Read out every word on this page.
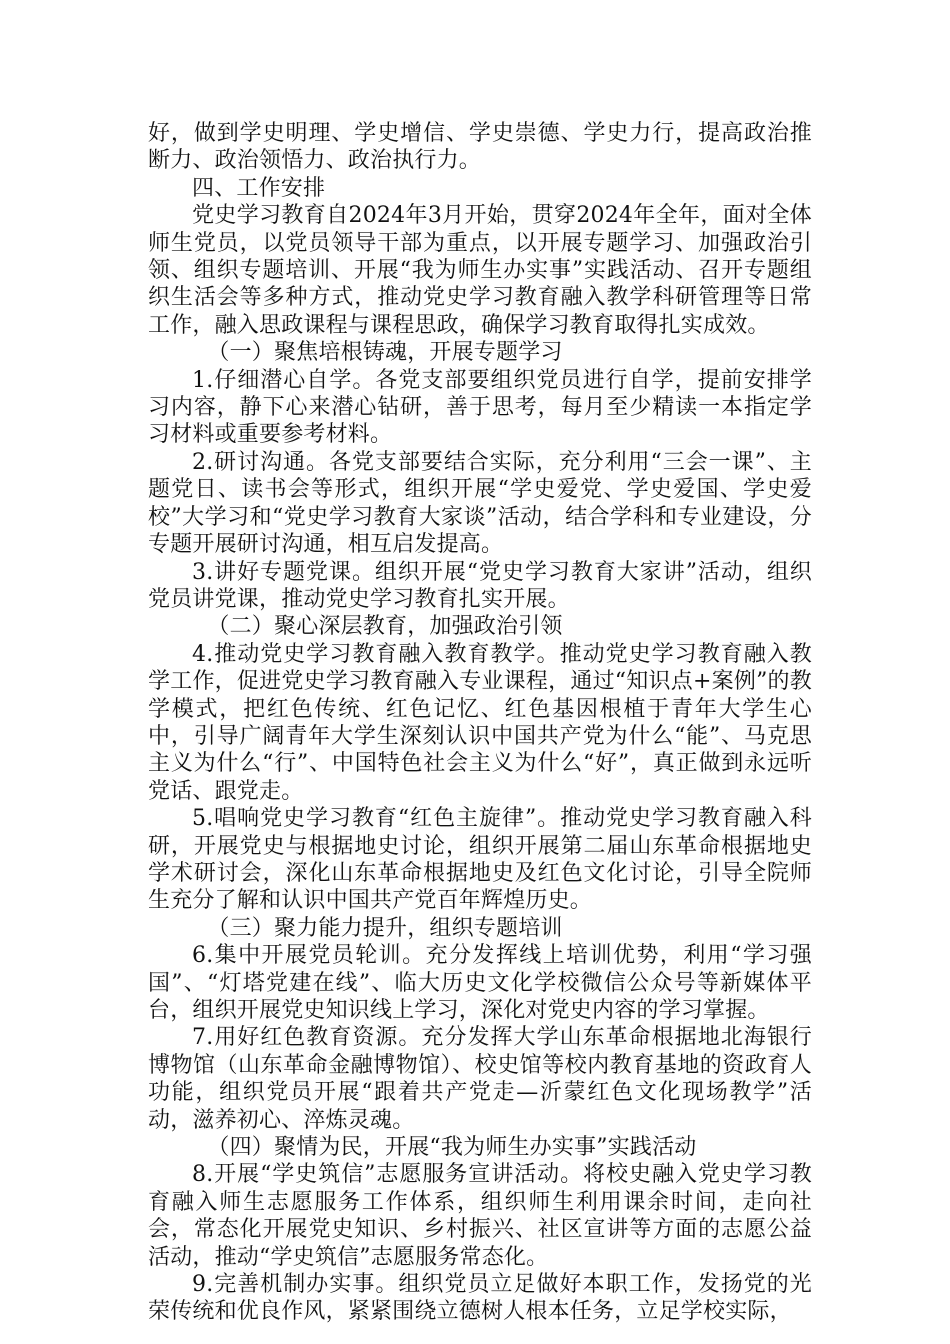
好，做到学史明理、学史增信、学史崇德、学史力行，提高政治推断力、政治领悟力、政治执行力。

四、工作安排

党史学习教育自2024年3月开始，贯穿2024年全年，面对全体师生党员，以党员领导干部为重点，以开展专题学习、加强政治引领、组织专题培训、开展“我为师生办实事”实践活动、召开专题组织生活会等多种方式，推动党史学习教育融入教学科研管理等日常工作，融入思政课程与课程思政，确保学习教育取得扎实成效。

（一）聚焦培根铸魂，开展专题学习

1.仔细潜心自学。各党支部要组织党员进行自学，提前安排学习内容，静下心来潜心钻研，善于思考，每月至少精读一本指定学习材料或重要参考材料。

2.研讨沟通。各党支部要结合实际，充分利用“三会一课”、主题党日、读书会等形式，组织开展“学史爱党、学史爱国、学史爱校”大学习和“党史学习教育大家谈”活动，结合学科和专业建设，分专题开展研讨沟通，相互启发提高。

3.讲好专题党课。组织开展“党史学习教育大家讲”活动，组织党员讲党课，推动党史学习教育扎实开展。

（二）聚心深层教育，加强政治引领

4.推动党史学习教育融入教育教学。推动党史学习教育融入教学工作，促进党史学习教育融入专业课程，通过“知识点+案例”的教学模式，把红色传统、红色记忆、红色基因根植于青年大学生心中，引导广阔青年大学生深刻认识中国共产党为什么“能”、马克思主义为什么“行”、中国特色社会主义为什么“好”，真正做到永远听党话、跟党走。

5.唱响党史学习教育“红色主旋律”。推动党史学习教育融入科研，开展党史与根据地史讨论，组织开展第二届山东革命根据地史学术研讨会，深化山东革命根据地史及红色文化讨论，引导全院师生充分了解和认识中国共产党百年辉煌历史。

（三）聚力能力提升，组织专题培训

6.集中开展党员轮训。充分发挥线上培训优势，利用“学习强国”、“灯塔党建在线”、临大历史文化学校微信公众号等新媒体平台，组织开展党史知识线上学习，深化对党史内容的学习掌握。

7.用好红色教育资源。充分发挥大学山东革命根据地北海银行博物馆（山东革命金融博物馆）、校史馆等校内教育基地的资政育人功能，组织党员开展“跟着共产党走—沂蒙红色文化现场教学”活动，滋养初心、淬炼灵魂。

（四）聚情为民，开展“我为师生办实事”实践活动

8.开展“学史筑信”志愿服务宣讲活动。将校史融入党史学习教育融入师生志愿服务工作体系，组织师生利用课余时间，走向社会，常态化开展党史知识、乡村振兴、社区宣讲等方面的志愿公益活动，推动“学史筑信”志愿服务常态化。

9.完善机制办实事。组织党员立足做好本职工作，发扬党的光荣传统和优良作风，紧紧围绕立德树人根本任务，立足学校实际，
